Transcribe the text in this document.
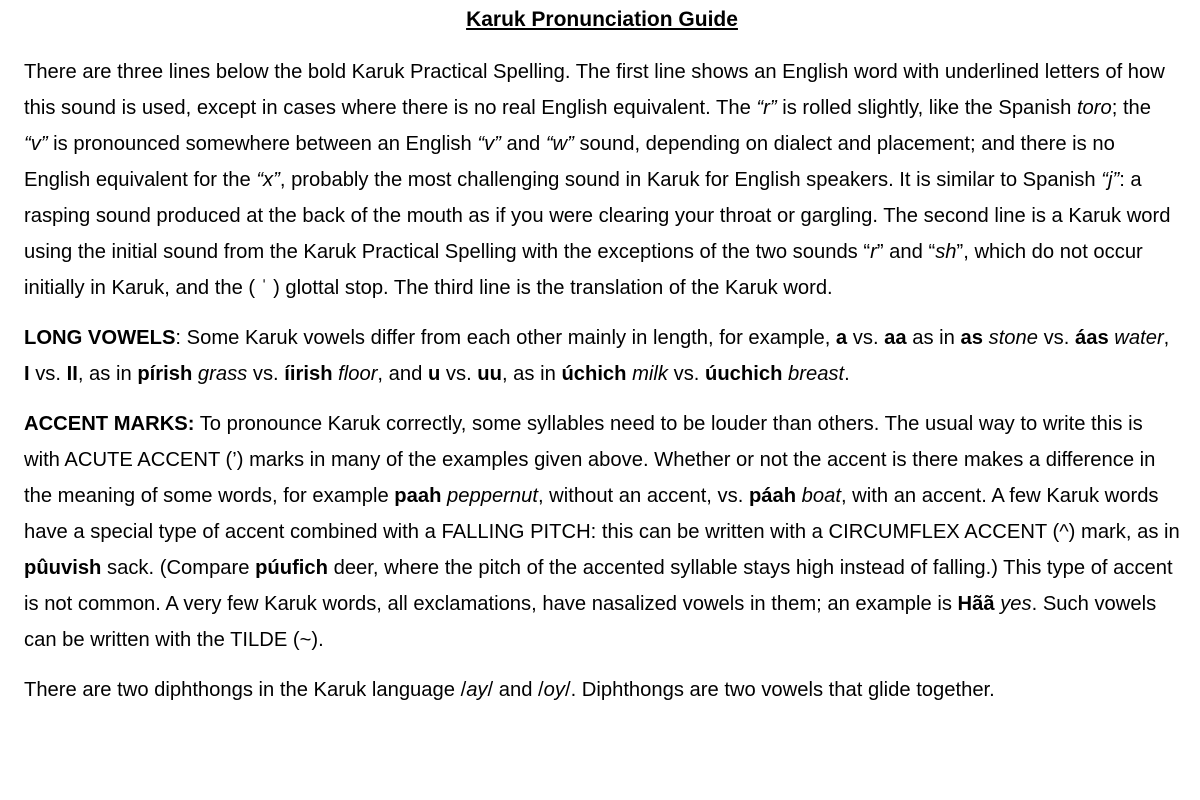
Karuk Pronunciation Guide

There are three lines below the bold Karuk Practical Spelling. The first line shows an English word with underlined letters of how this sound is used, except in cases where there is no real English equivalent. The “r” is rolled slightly, like the Spanish toro; the “v” is pronounced somewhere between an English “v” and “w” sound, depending on dialect and placement; and there is no English equivalent for the “x”, probably the most challenging sound in Karuk for English speakers. It is similar to Spanish “j”: a rasping sound produced at the back of the mouth as if you were clearing your throat or gargling. The second line is a Karuk word using the initial sound from the Karuk Practical Spelling with the exceptions of the two sounds “r” and “sh”, which do not occur initially in Karuk, and the ( ˈ ) glottal stop. The third line is the translation of the Karuk word.

LONG VOWELS: Some Karuk vowels differ from each other mainly in length, for example, a vs. aa as in as stone vs. áas water, I vs. II, as in pírish grass vs. íirish floor, and u vs. uu, as in úchich milk vs. úuchich breast.

ACCENT MARKS: To pronounce Karuk correctly, some syllables need to be louder than others. The usual way to write this is with ACUTE ACCENT (’) marks in many of the examples given above. Whether or not the accent is there makes a difference in the meaning of some words, for example paah peppernut, without an accent, vs. páah boat, with an accent. A few Karuk words have a special type of accent combined with a FALLING PITCH: this can be written with a CIRCUMFLEX ACCENT (^) mark, as in pûuvish sack. (Compare púufich deer, where the pitch of the accented syllable stays high instead of falling.) This type of accent is not common. A very few Karuk words, all exclamations, have nasalized vowels in them; an example is Hãã yes. Such vowels can be written with the TILDE (~).

There are two diphthongs in the Karuk language /ay/ and /oy/. Diphthongs are two vowels that glide together.
